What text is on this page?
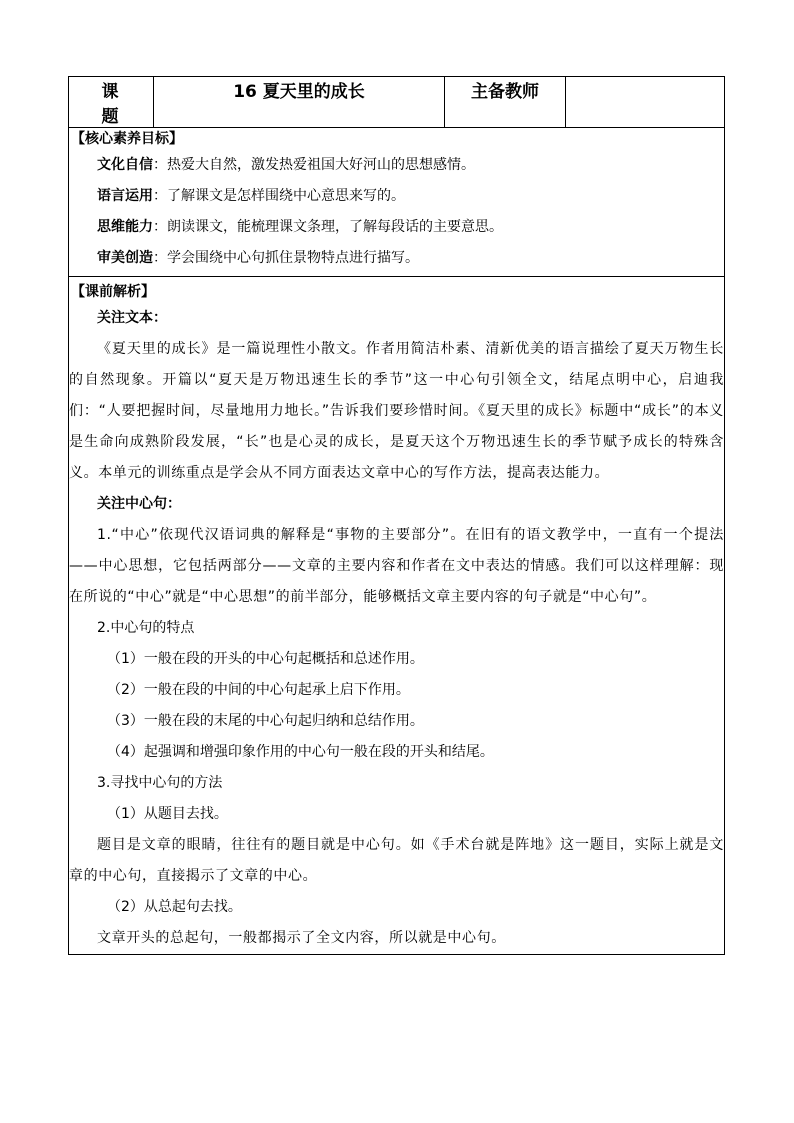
课 题	16 夏天里的成长	主备教师	

【核心素养目标】
文化自信：热爱大自然，激发热爱祖国大好河山的思想感情。
语言运用：了解课文是怎样围绕中心意思来写的。
思维能力：朗读课文，能梳理课文条理，了解每段话的主要意思。
审美创造：学会围绕中心句抓住景物特点进行描写。

【课前解析】
关注文本：

《夏天里的成长》是一篇说理性小散文。作者用简洁朴素、清新优美的语言描绘了夏天万物生长的自然现象。开篇以“夏天是万物迅速生长的季节”这一中心句引领全文，结尾点明中心，启迪我们：“人要把握时间，尽量地用力地长。”告诉我们要珍惜时间。《夏天里的成长》标题中“成长”的本义是生命向成熟阶段发展，“长”也是心灵的成长，是夏天这个万物迅速生长的季节赋予成长的特殊含义。本单元的训练重点是学会从不同方面表达文章中心的写作方法，提高表达能力。

关注中心句：

1.“中心”依现代汉语词典的解释是“事物的主要部分”。在旧有的语文教学中，一直有一个提法——中心思想，它包括两部分——文章的主要内容和作者在文中表达的情感。我们可以这样理解：现在所说的“中心”就是“中心思想”的前半部分，能够概括文章主要内容的句子就是“中心句”。

2.中心句的特点
（1）一般在段的开头的中心句起概括和总述作用。
（2）一般在段的中间的中心句起承上启下作用。
（3）一般在段的末尾的中心句起归纳和总结作用。
（4）起强调和增强印象作用的中心句一般在段的开头和结尾。
3.寻找中心句的方法
（1）从题目去找。

题目是文章的眼睛，往往有的题目就是中心句。如《手术台就是阵地》这一题目，实际上就是文章的中心句，直接揭示了文章的中心。

（2）从总起句去找。

文章开头的总起句，一般都揭示了全文内容，所以就是中心句。
